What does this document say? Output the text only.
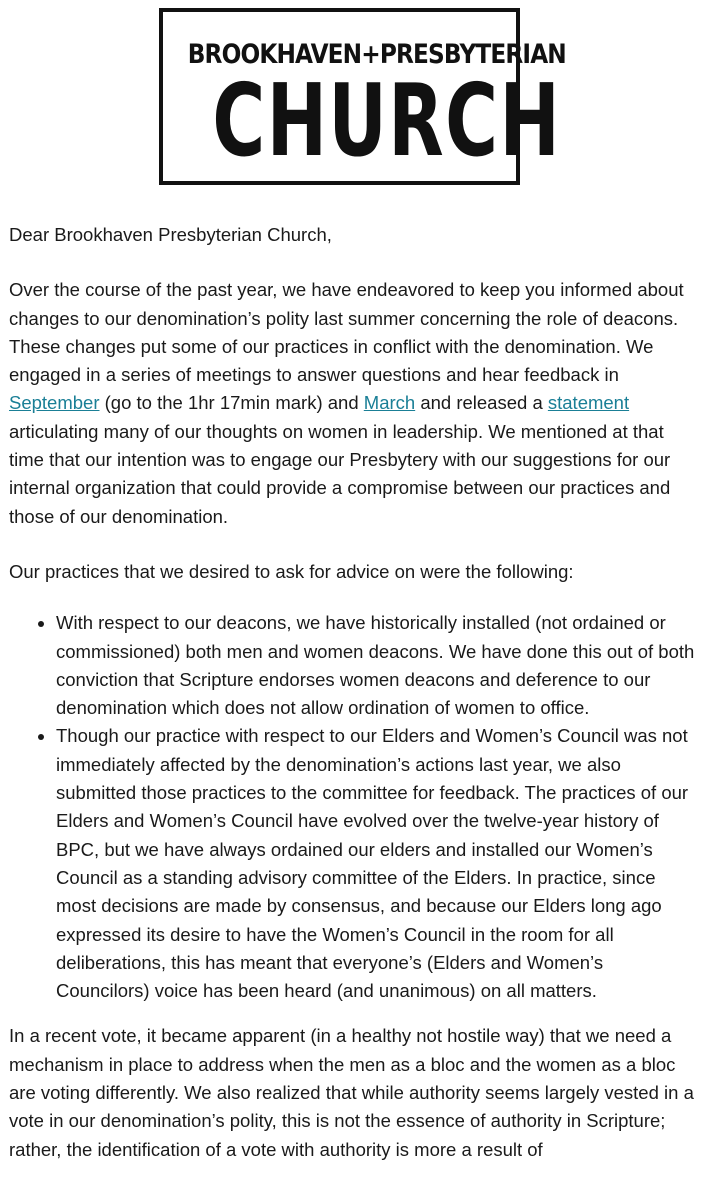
BROOKHAVEN+PRESBYTERIAN
CHURCH

Dear Brookhaven Presbyterian Church,

Over the course of the past year, we have endeavored to keep you informed about changes to our denomination’s polity last summer concerning the role of deacons. These changes put some of our practices in conflict with the denomination. We engaged in a series of meetings to answer questions and hear feedback in September (go to the 1hr 17min mark) and March and released a statement articulating many of our thoughts on women in leadership. We mentioned at that time that our intention was to engage our Presbytery with our suggestions for our internal organization that could provide a compromise between our practices and those of our denomination.

Our practices that we desired to ask for advice on were the following:

With respect to our deacons, we have historically installed (not ordained or commissioned) both men and women deacons. We have done this out of both conviction that Scripture endorses women deacons and deference to our denomination which does not allow ordination of women to office.
Though our practice with respect to our Elders and Women’s Council was not immediately affected by the denomination’s actions last year, we also submitted those practices to the committee for feedback. The practices of our Elders and Women’s Council have evolved over the twelve-year history of BPC, but we have always ordained our elders and installed our Women’s Council as a standing advisory committee of the Elders. In practice, since most decisions are made by consensus, and because our Elders long ago expressed its desire to have the Women’s Council in the room for all deliberations, this has meant that everyone’s (Elders and Women’s Councilors) voice has been heard (and unanimous) on all matters.

In a recent vote, it became apparent (in a healthy not hostile way) that we need a mechanism in place to address when the men as a bloc and the women as a bloc are voting differently. We also realized that while authority seems largely vested in a vote in our denomination’s polity, this is not the essence of authority in Scripture; rather, the identification of a vote with authority is more a result of
